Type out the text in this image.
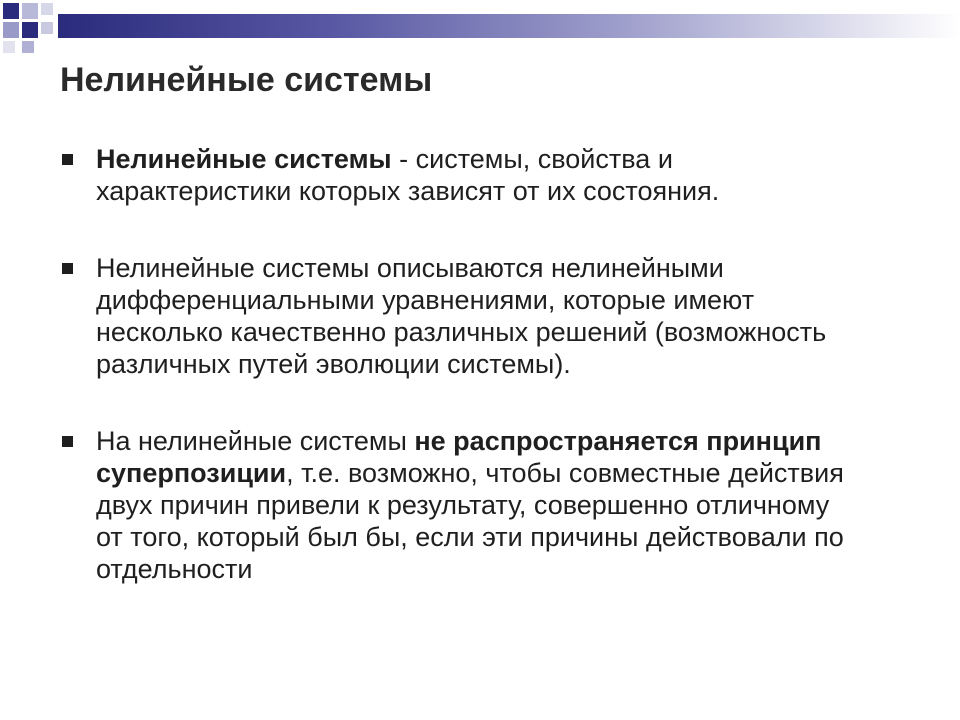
Нелинейные системы
Нелинейные системы - системы, свойства и характеристики которых зависят от их состояния.
Нелинейные системы описываются нелинейными дифференциальными уравнениями, которые имеют несколько качественно различных решений (возможность различных путей эволюции системы).
На нелинейные системы не распространяется принцип суперпозиции, т.е. возможно, чтобы совместные действия двух причин привели к результату, совершенно отличному от того, который был бы, если эти причины действовали по отдельности
